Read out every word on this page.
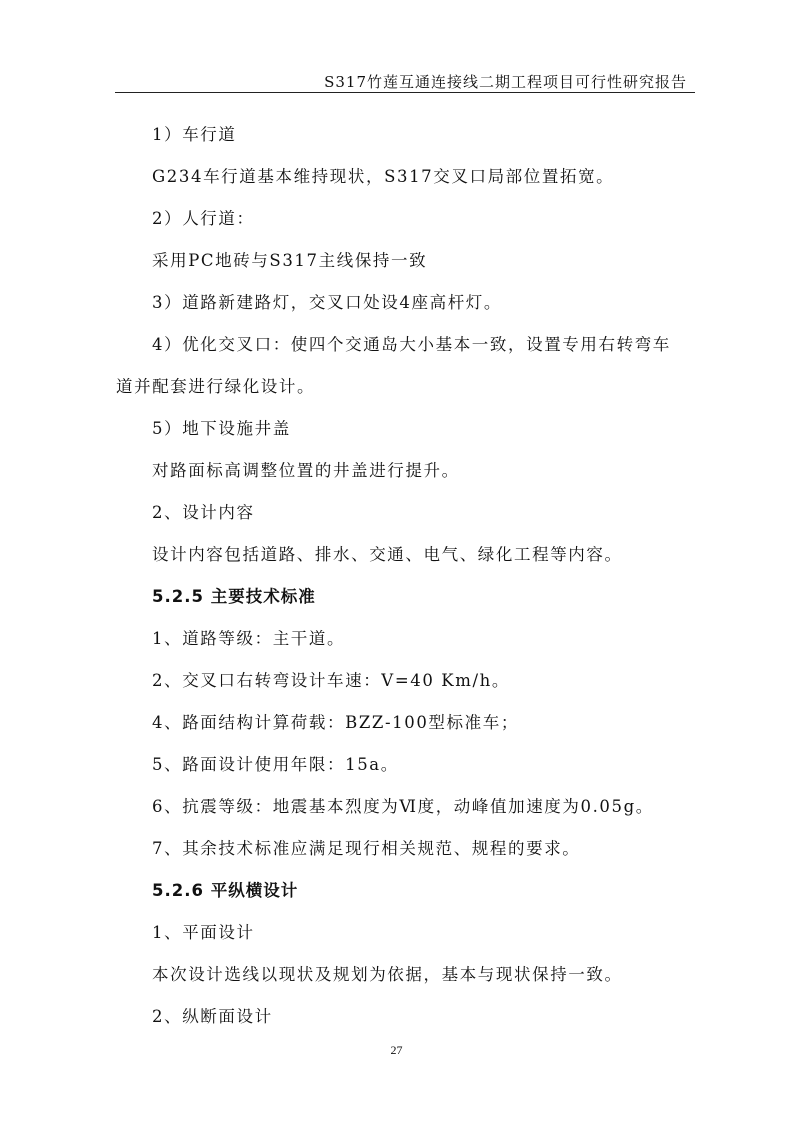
S317竹莲互通连接线二期工程项目可行性研究报告
1）车行道
G234车行道基本维持现状，S317交叉口局部位置拓宽。
2）人行道：
采用PC地砖与S317主线保持一致
3）道路新建路灯，交叉口处设4座高杆灯。
4）优化交叉口：使四个交通岛大小基本一致，设置专用右转弯车
道并配套进行绿化设计。
5）地下设施井盖
对路面标高调整位置的井盖进行提升。
2、设计内容
设计内容包括道路、排水、交通、电气、绿化工程等内容。
5.2.5 主要技术标准
1、道路等级：主干道。
2、交叉口右转弯设计车速：V=40 Km/h。
4、路面结构计算荷载：BZZ-100型标准车；
5、路面设计使用年限：15a。
6、抗震等级：地震基本烈度为Ⅵ度，动峰值加速度为0.05g。
7、其余技术标准应满足现行相关规范、规程的要求。
5.2.6 平纵横设计
1、平面设计
本次设计选线以现状及规划为依据，基本与现状保持一致。
2、纵断面设计
27
